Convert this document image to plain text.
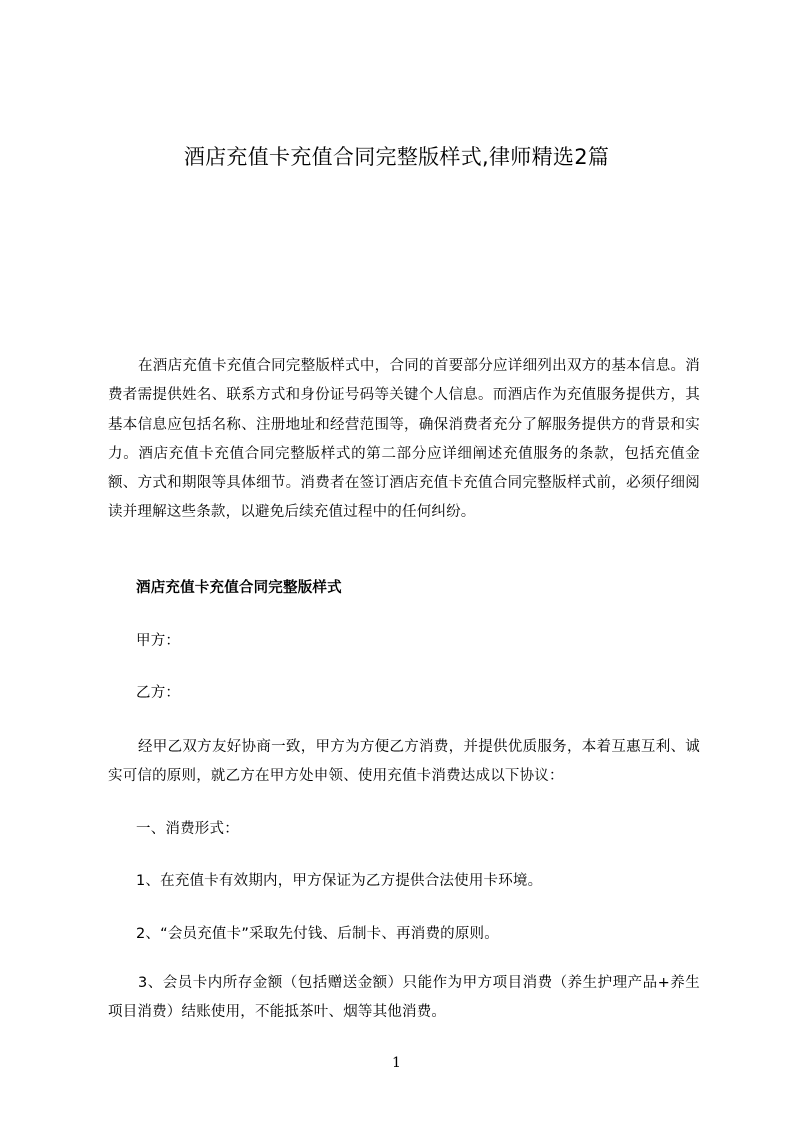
酒店充值卡充值合同完整版样式,律师精选2篇

在酒店充值卡充值合同完整版样式中，合同的首要部分应详细列出双方的基本信息。消费者需提供姓名、联系方式和身份证号码等关键个人信息。而酒店作为充值服务提供方，其基本信息应包括名称、注册地址和经营范围等，确保消费者充分了解服务提供方的背景和实力。酒店充值卡充值合同完整版样式的第二部分应详细阐述充值服务的条款，包括充值金额、方式和期限等具体细节。消费者在签订酒店充值卡充值合同完整版样式前，必须仔细阅读并理解这些条款，以避免后续充值过程中的任何纠纷。

酒店充值卡充值合同完整版样式

甲方：

乙方：

经甲乙双方友好协商一致，甲方为方便乙方消费，并提供优质服务，本着互惠互利、诚实可信的原则，就乙方在甲方处申领、使用充值卡消费达成以下协议：

一、消费形式：

1、在充值卡有效期内，甲方保证为乙方提供合法使用卡环境。

2、“会员充值卡”采取先付钱、后制卡、再消费的原则。

3、会员卡内所存金额（包括赠送金额）只能作为甲方项目消费（养生护理产品+养生项目消费）结账使用，不能抵茶叶、烟等其他消费。

1
